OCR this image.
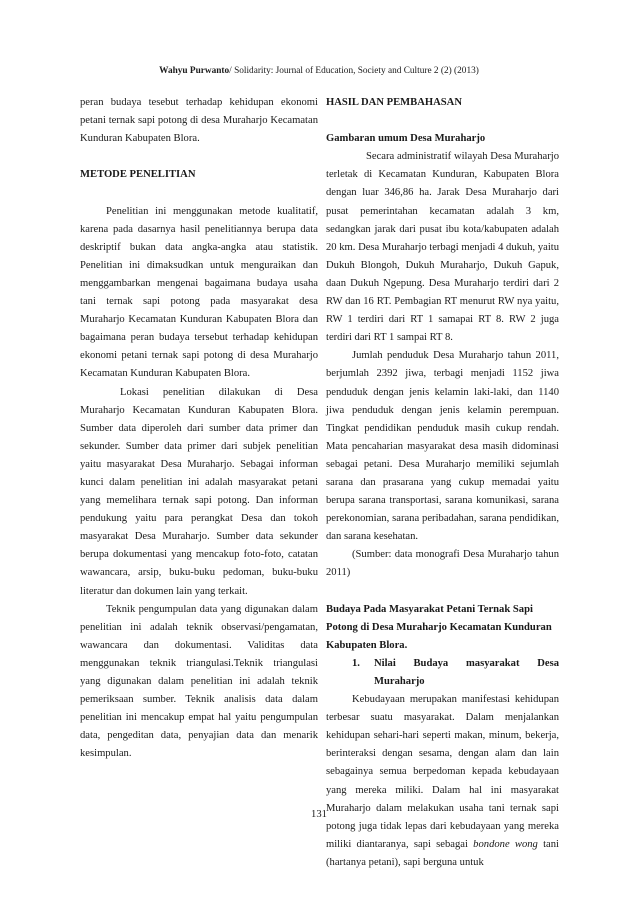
Wahyu Purwanto/ Solidarity: Journal of Education, Society and Culture 2 (2) (2013)

peran budaya tesebut terhadap kehidupan ekonomi petani ternak sapi potong di desa Muraharjo Kecamatan Kunduran Kabupaten Blora.

METODE PENELITIAN

Penelitian ini menggunakan metode kualitatif, karena pada dasarnya hasil penelitiannya berupa data deskriptif bukan data angka-angka atau statistik. Penelitian ini dimaksudkan untuk menguraikan dan menggambarkan mengenai bagaimana budaya usaha tani ternak sapi potong pada masyarakat desa Muraharjo Kecamatan Kunduran Kabupaten Blora dan bagaimana peran budaya tersebut terhadap kehidupan ekonomi petani ternak sapi potong di desa Muraharjo Kecamatan Kunduran Kabupaten Blora.

Lokasi penelitian dilakukan di Desa Muraharjo Kecamatan Kunduran Kabupaten Blora. Sumber data diperoleh dari sumber data primer dan sekunder. Sumber data primer dari subjek penelitian yaitu masyarakat Desa Muraharjo. Sebagai informan kunci dalam penelitian ini adalah masyarakat petani yang memelihara ternak sapi potong. Dan informan pendukung yaitu para perangkat Desa dan tokoh masyarakat Desa Muraharjo. Sumber data sekunder berupa dokumentasi yang mencakup foto-foto, catatan wawancara, arsip, buku-buku pedoman, buku-buku literatur dan dokumen lain yang terkait.

Teknik pengumpulan data yang digunakan dalam penelitian ini adalah teknik observasi/pengamatan, wawancara dan dokumentasi. Validitas data menggunakan teknik triangulasi.Teknik triangulasi yang digunakan dalam penelitian ini adalah teknik pemeriksaan sumber. Teknik analisis data dalam penelitian ini mencakup empat hal yaitu pengumpulan data, pengeditan data, penyajian data dan menarik kesimpulan.

HASIL DAN PEMBAHASAN

Gambaran umum Desa Muraharjo

Secara administratif wilayah Desa Muraharjo terletak di Kecamatan Kunduran, Kabupaten Blora dengan luar 346,86 ha. Jarak Desa Muraharjo dari pusat pemerintahan kecamatan adalah 3 km, sedangkan jarak dari pusat ibu kota/kabupaten adalah 20 km. Desa Muraharjo terbagi menjadi 4 dukuh, yaitu Dukuh Blongoh, Dukuh Muraharjo, Dukuh Gapuk, daan Dukuh Ngepung. Desa Muraharjo terdiri dari 2 RW dan 16 RT. Pembagian RT menurut RW nya yaitu, RW 1 terdiri dari RT 1 samapai RT 8. RW 2 juga terdiri dari RT 1 sampai RT 8.

Jumlah penduduk Desa Muraharjo tahun 2011, berjumlah 2392 jiwa, terbagi menjadi 1152 jiwa penduduk dengan jenis kelamin laki-laki, dan 1140 jiwa penduduk dengan jenis kelamin perempuan. Tingkat pendidikan penduduk masih cukup rendah. Mata pencaharian masyarakat desa masih didominasi sebagai petani. Desa Muraharjo memiliki sejumlah sarana dan prasarana yang cukup memadai yaitu berupa sarana transportasi, sarana komunikasi, sarana perekonomian, sarana peribadahan, sarana pendidikan, dan sarana kesehatan.

(Sumber: data monografi Desa Muraharjo tahun 2011)

Budaya Pada Masyarakat Petani Ternak Sapi Potong di Desa Muraharjo Kecamatan Kunduran Kabupaten Blora.

1.	Nilai Budaya masyarakat Desa Muraharjo

Kebudayaan merupakan manifestasi kehidupan terbesar suatu masyarakat. Dalam menjalankan kehidupan sehari-hari seperti makan, minum, bekerja, berinteraksi dengan sesama, dengan alam dan lain sebagainya semua berpedoman kepada kebudayaan yang mereka miliki. Dalam hal ini masyarakat Muraharjo dalam melakukan usaha tani ternak sapi potong juga tidak lepas dari kebudayaan yang mereka miliki diantaranya, sapi sebagai bondone wong tani (hartanya petani), sapi berguna untuk

131
